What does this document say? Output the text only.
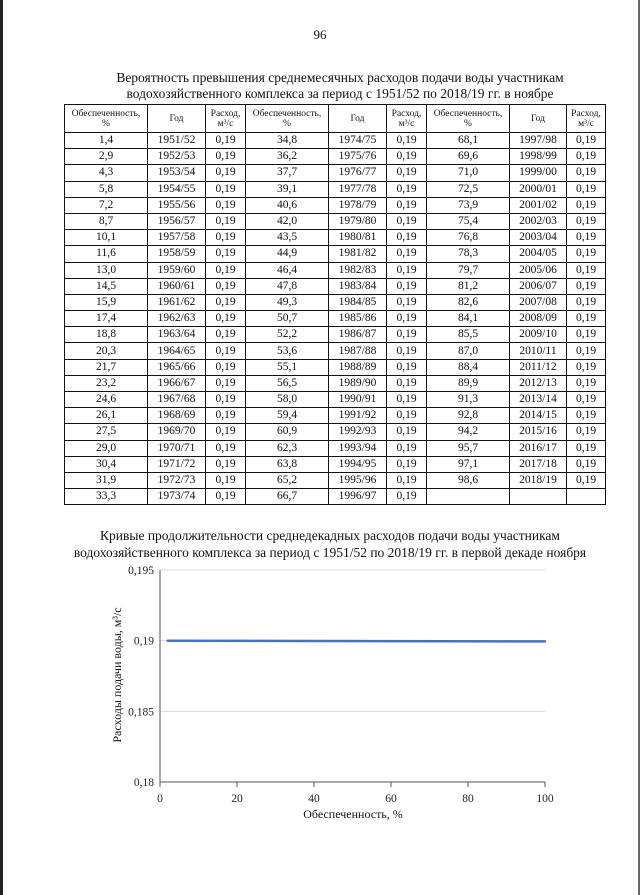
96
Вероятность превышения среднемесячных расходов подачи воды участникам
водохозяйственного комплекса за период с 1951/52 по 2018/19 гг. в ноябре
Обеспеченность, %	Год	Расход, м³/с	Обеспеченность, %	Год	Расход, м³/с	Обеспеченность, %	Год	Расход, м³/с
1,4	1951/52	0,19	34,8	1974/75	0,19	68,1	1997/98	0,19
2,9	1952/53	0,19	36,2	1975/76	0,19	69,6	1998/99	0,19
4,3	1953/54	0,19	37,7	1976/77	0,19	71,0	1999/00	0,19
5,8	1954/55	0,19	39,1	1977/78	0,19	72,5	2000/01	0,19
7,2	1955/56	0,19	40,6	1978/79	0,19	73,9	2001/02	0,19
8,7	1956/57	0,19	42,0	1979/80	0,19	75,4	2002/03	0,19
10,1	1957/58	0,19	43,5	1980/81	0,19	76,8	2003/04	0,19
11,6	1958/59	0,19	44,9	1981/82	0,19	78,3	2004/05	0,19
13,0	1959/60	0,19	46,4	1982/83	0,19	79,7	2005/06	0,19
14,5	1960/61	0,19	47,8	1983/84	0,19	81,2	2006/07	0,19
15,9	1961/62	0,19	49,3	1984/85	0,19	82,6	2007/08	0,19
17,4	1962/63	0,19	50,7	1985/86	0,19	84,1	2008/09	0,19
18,8	1963/64	0,19	52,2	1986/87	0,19	85,5	2009/10	0,19
20,3	1964/65	0,19	53,6	1987/88	0,19	87,0	2010/11	0,19
21,7	1965/66	0,19	55,1	1988/89	0,19	88,4	2011/12	0,19
23,2	1966/67	0,19	56,5	1989/90	0,19	89,9	2012/13	0,19
24,6	1967/68	0,19	58,0	1990/91	0,19	91,3	2013/14	0,19
26,1	1968/69	0,19	59,4	1991/92	0,19	92,8	2014/15	0,19
27,5	1969/70	0,19	60,9	1992/93	0,19	94,2	2015/16	0,19
29,0	1970/71	0,19	62,3	1993/94	0,19	95,7	2016/17	0,19
30,4	1971/72	0,19	63,8	1994/95	0,19	97,1	2017/18	0,19
31,9	1972/73	0,19	65,2	1995/96	0,19	98,6	2018/19	0,19
33,3	1973/74	0,19	66,7	1996/97	0,19			
Кривые продолжительности среднедекадных расходов подачи воды участникам
водохозяйственного комплекса за период с 1951/52 по 2018/19 гг. в первой декаде ноября
0,18
0,185
0,19
0,195
0	20	40	60	80	100
Обеспеченность, %
Расходы подачи воды, м³/с
